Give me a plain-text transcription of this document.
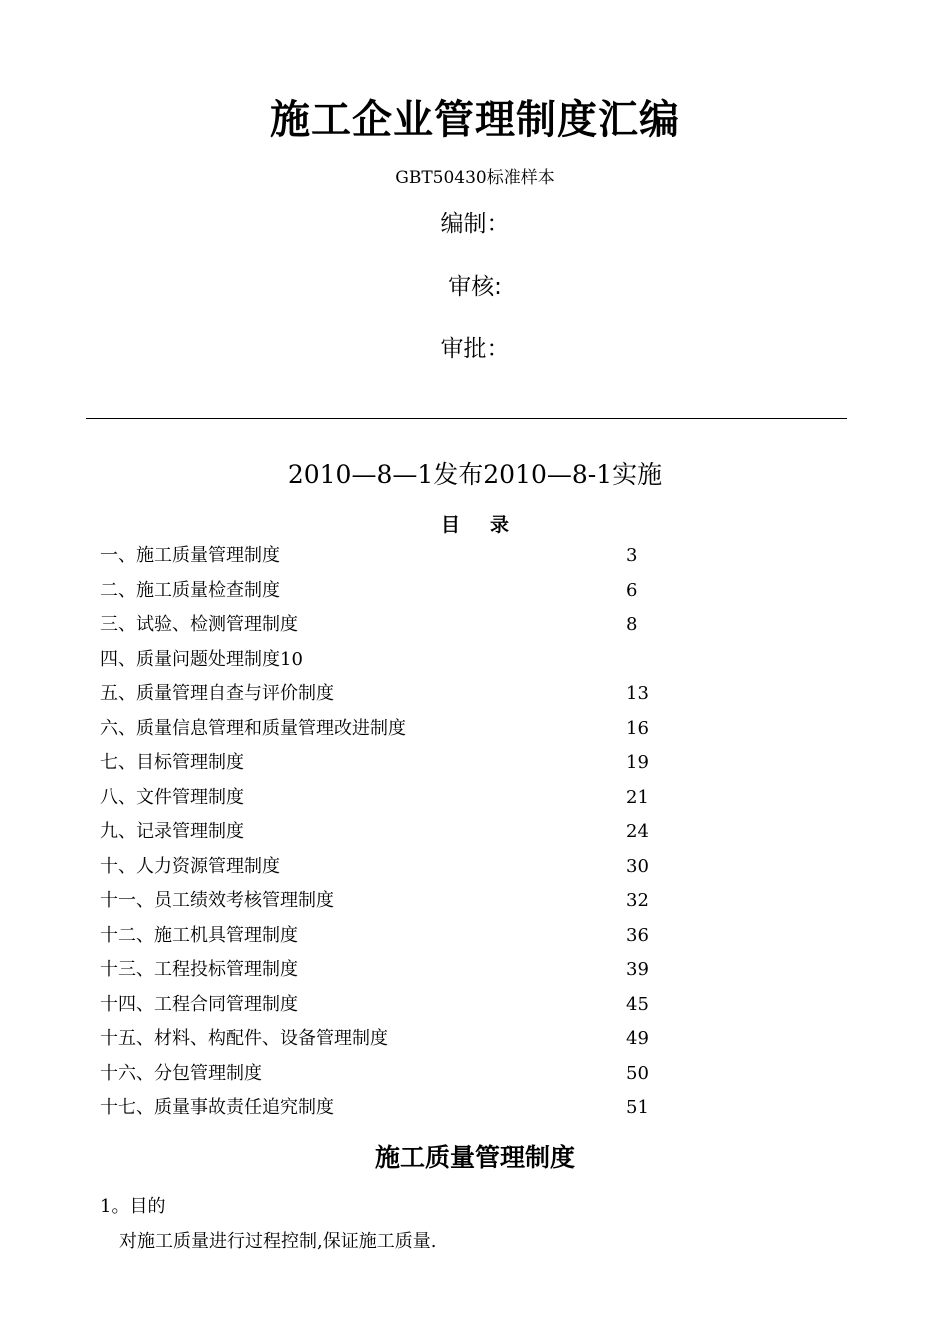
施工企业管理制度汇编
GBT50430标准样本
编制：
审核:
审批：
2010—8—1发布2010—8-1实施
目录
一、施工质量管理制度	3
二、施工质量检查制度	6
三、试验、检测管理制度	8
四、质量问题处理制度10
五、质量管理自查与评价制度	13
六、质量信息管理和质量管理改进制度	16
七、目标管理制度	19
八、文件管理制度	21
九、记录管理制度	24
十、人力资源管理制度	30
十一、员工绩效考核管理制度	32
十二、施工机具管理制度	36
十三、工程投标管理制度	39
十四、工程合同管理制度	45
十五、材料、构配件、设备管理制度	49
十六、分包管理制度	50
十七、质量事故责任追究制度	51
施工质量管理制度
1。目的
对施工质量进行过程控制,保证施工质量.
